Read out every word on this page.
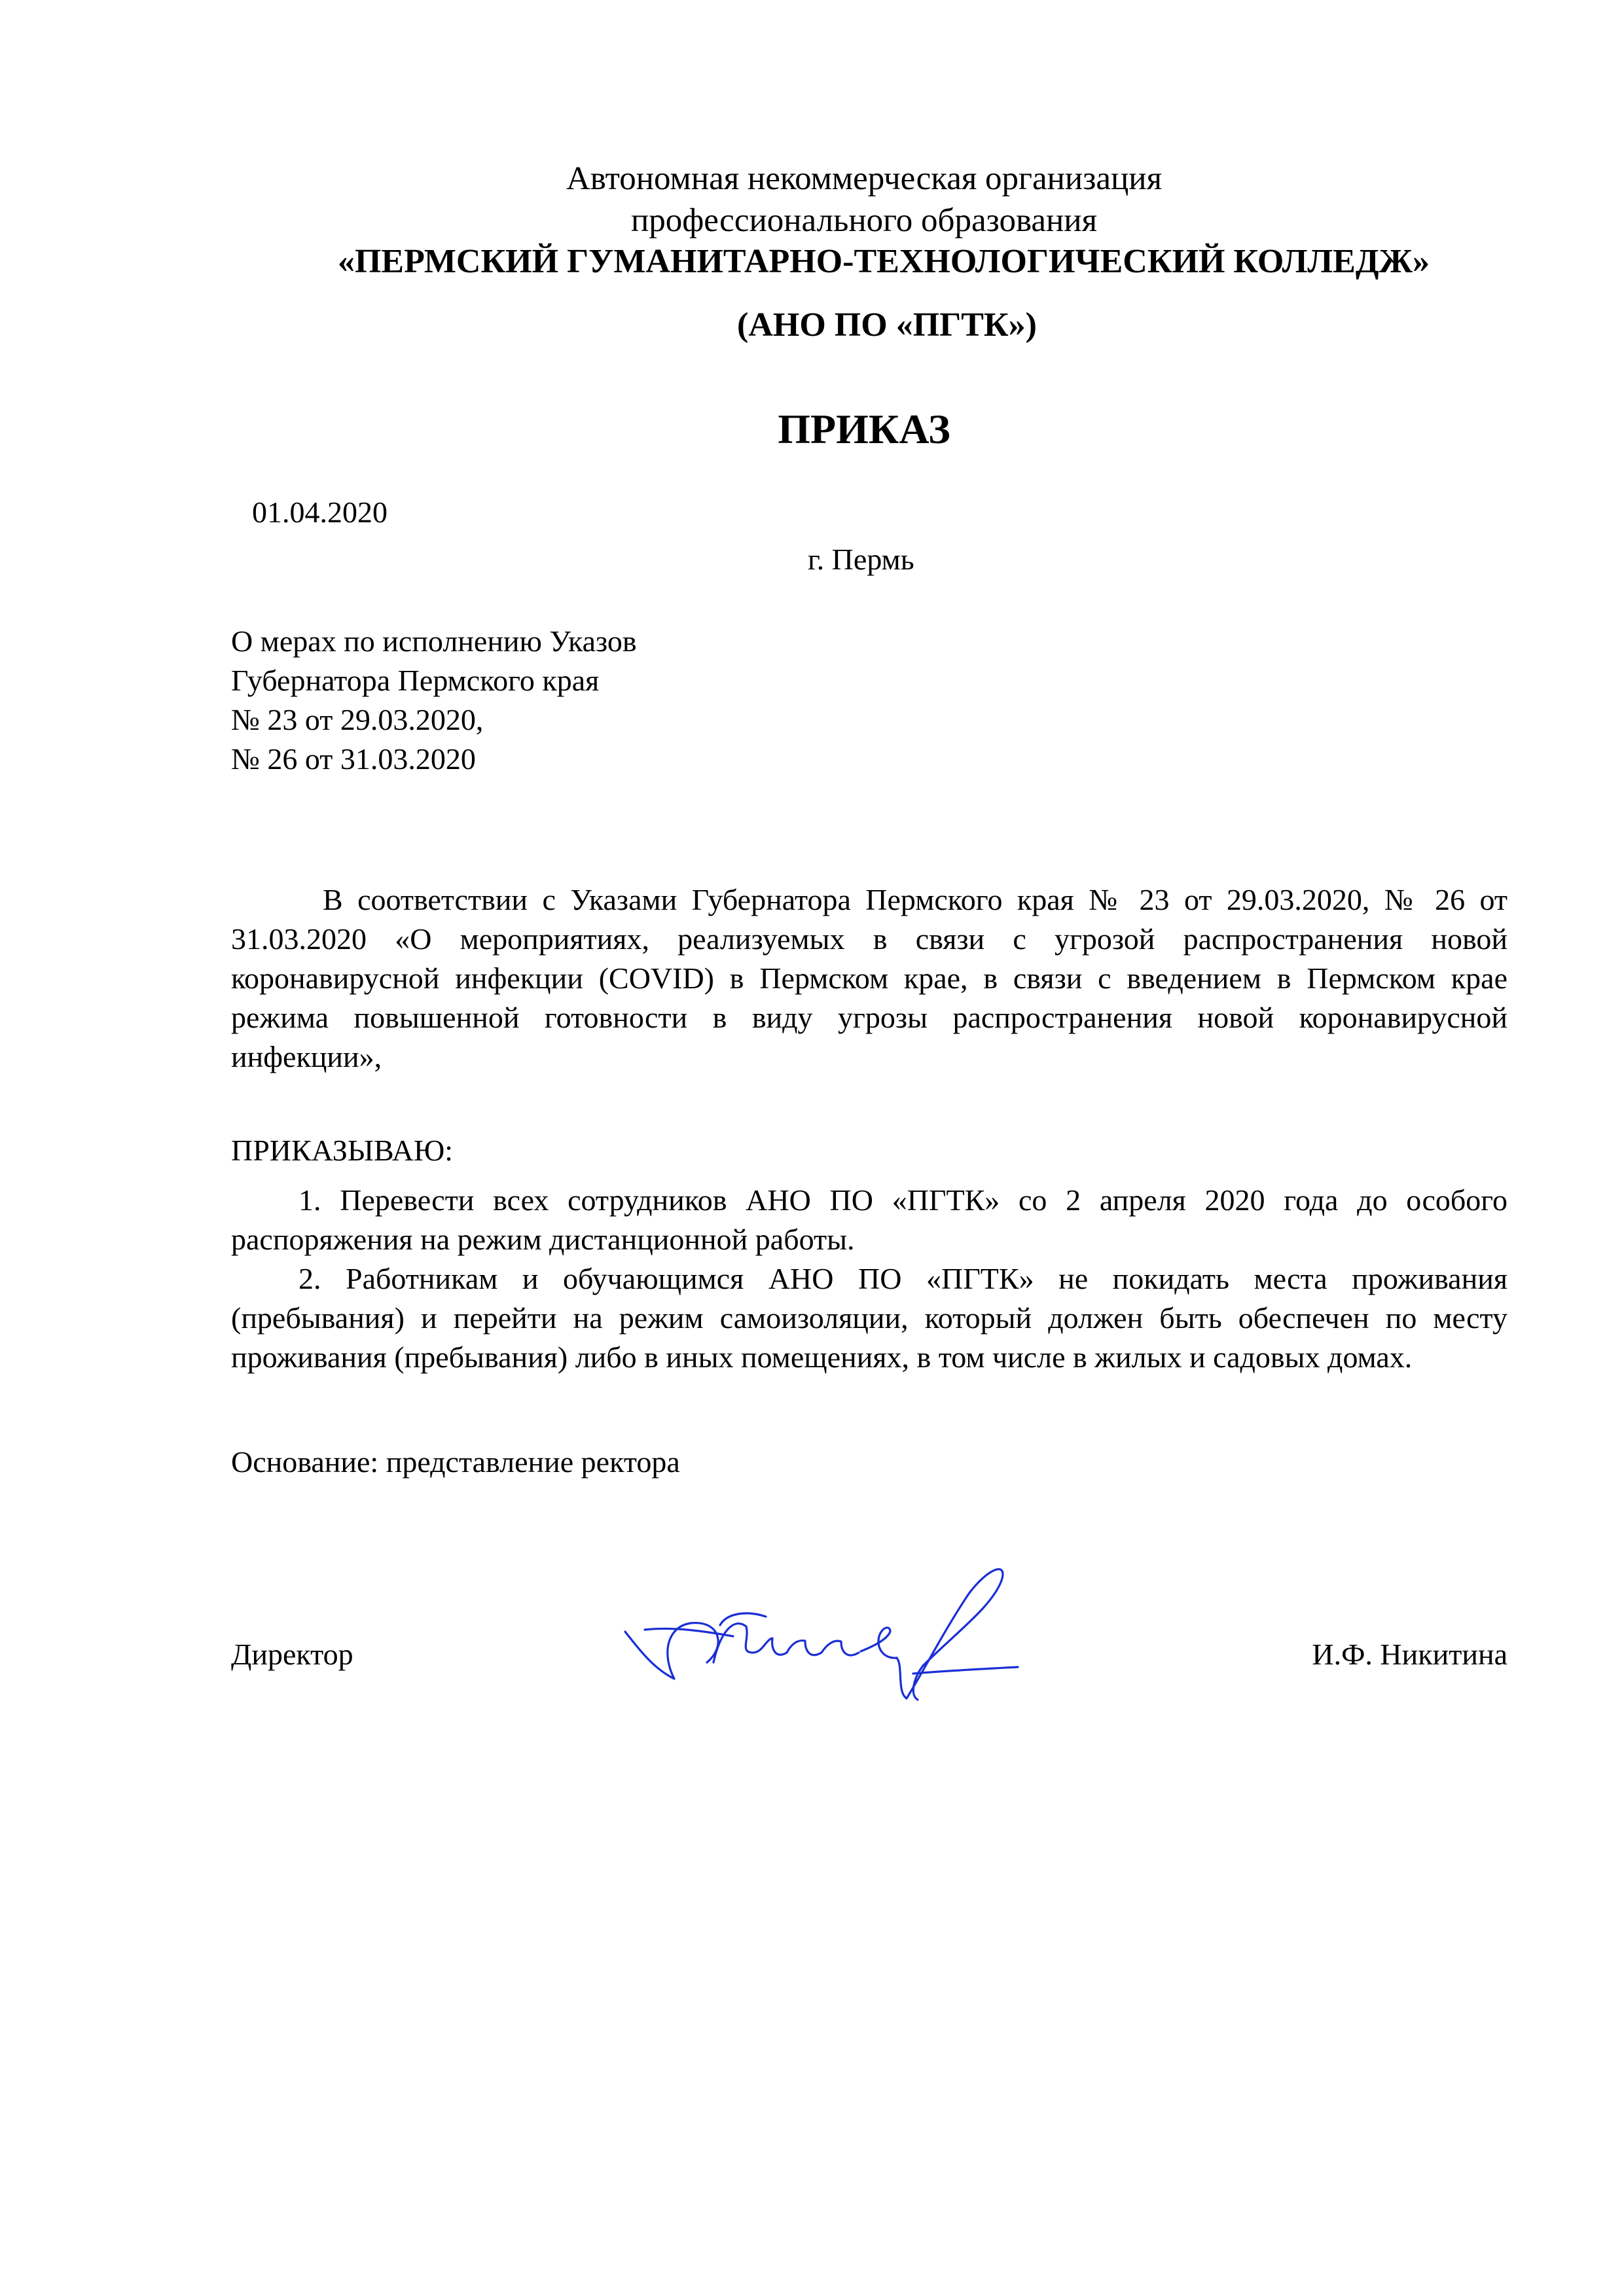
Автономная некоммерческая организация
профессионального образования
«ПЕРМСКИЙ ГУМАНИТАРНО-ТЕХНОЛОГИЧЕСКИЙ КОЛЛЕДЖ»
(АНО ПО «ПГТК»)
ПРИКАЗ
01.04.2020
г. Пермь
О мерах по исполнению Указов
Губернатора Пермского края
№ 23 от 29.03.2020,
№ 26 от 31.03.2020
В соответствии с Указами Губернатора Пермского края № 23 от 29.03.2020, № 26 от 31.03.2020 «О мероприятиях, реализуемых в связи с угрозой распространения новой коронавирусной инфекции (COVID) в Пермском крае, в связи с введением в Пермском крае режима повышенной готовности в виду угрозы распространения новой коронавирусной инфекции»,
ПРИКАЗЫВАЮ:
1. Перевести всех сотрудников АНО ПО «ПГТК» со 2 апреля 2020 года до особого распоряжения на режим дистанционной работы.
2. Работникам и обучающимся АНО ПО «ПГТК» не покидать места проживания (пребывания) и перейти на режим самоизоляции, который должен быть обеспечен по месту проживания (пребывания) либо в иных помещениях, в том числе в жилых и садовых домах.
Основание: представление ректора
Директор	И.Ф. Никитина
